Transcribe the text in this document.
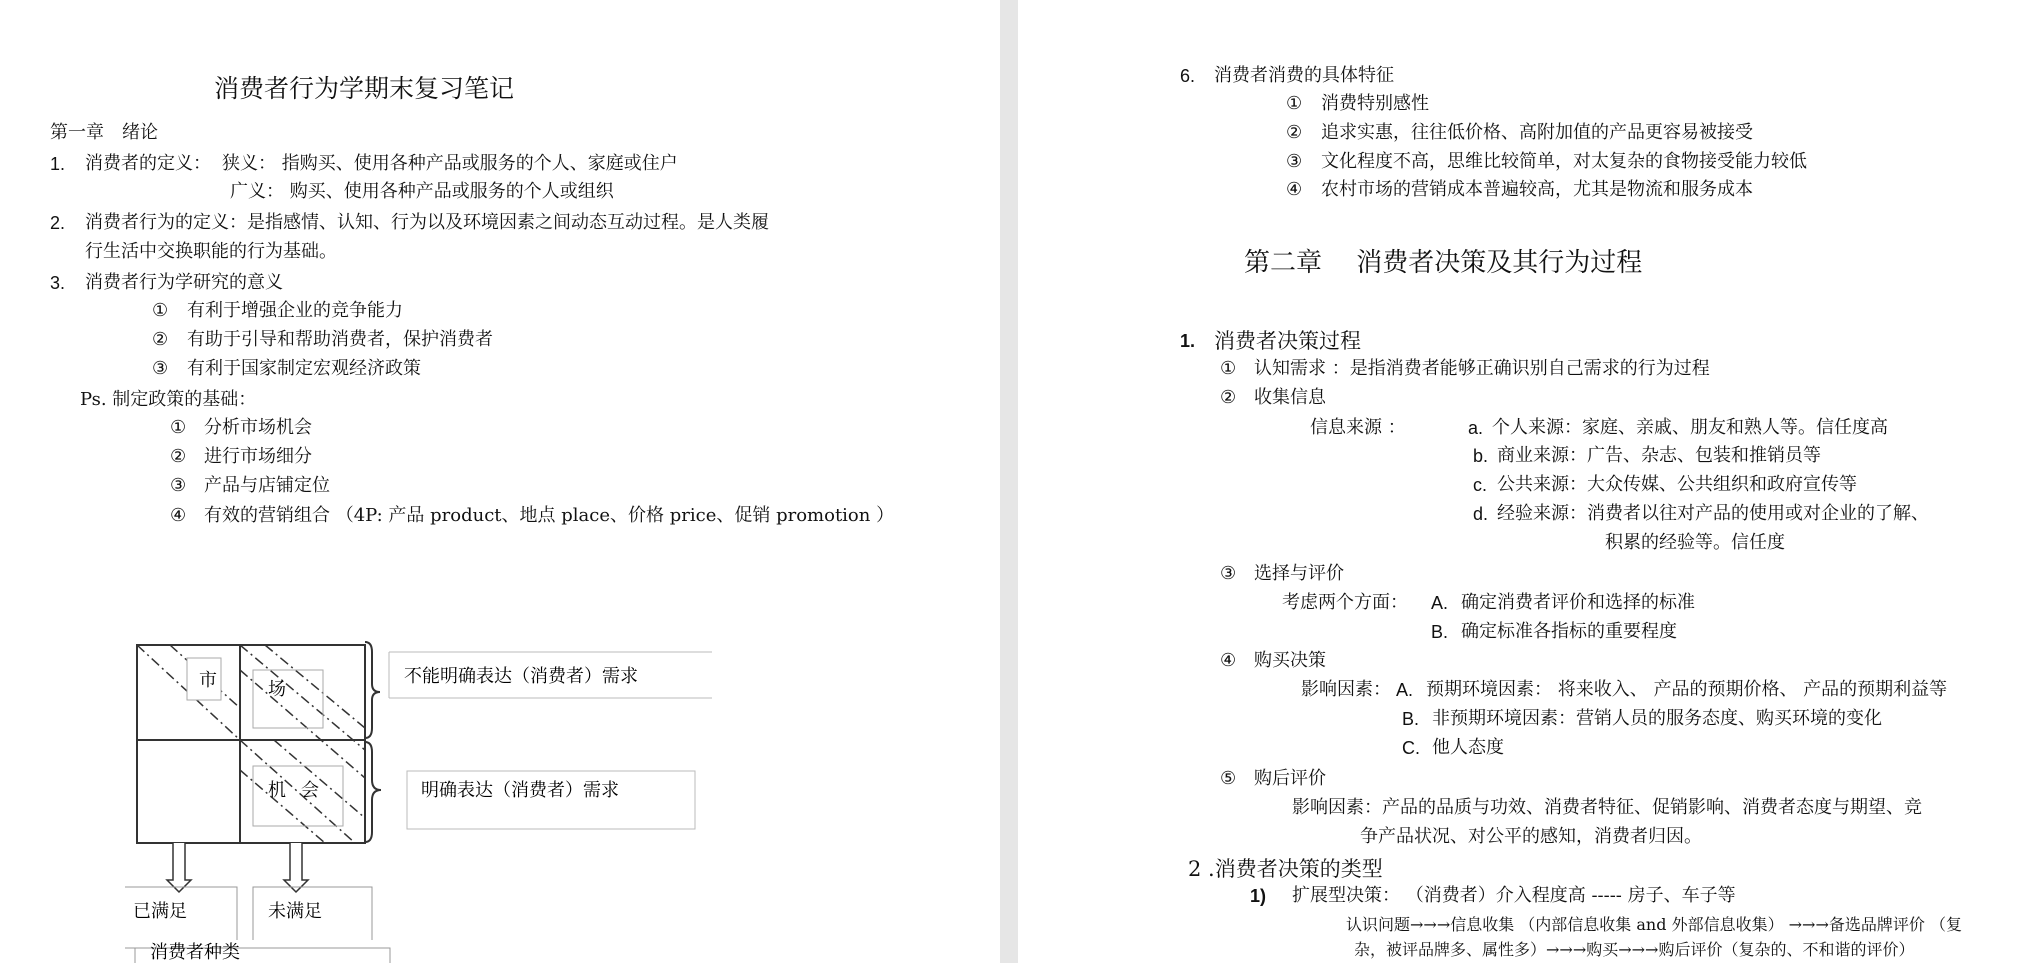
消费者行为学期末复习笔记
第一章　绪论
1. 消费者的定义： 狭义： 指购买、使用各种产品或服务的个人、家庭或住户
广义： 购买、使用各种产品或服务的个人或组织
2. 消费者行为的定义：是指感情、认知、行为以及环境因素之间动态互动过程。是人类履
行生活中交换职能的行为基础。
3. 消费者行为学研究的意义
① 有利于增强企业的竞争能力
② 有助于引导和帮助消费者，保护消费者
③ 有利于国家制定宏观经济政策
Ps. 制定政策的基础：
① 分析市场机会
② 进行市场细分
③ 产品与店铺定位
④ 有效的营销组合 （4P: 产品 product、地点 place、价格 price、促销 promotion ）
市	场
机 会
不能明确表达（消费者）需求
明确表达（消费者）需求
已满足	未满足
消费者种类
6. 消费者消费的具体特征
① 消费特别感性
② 追求实惠，往往低价格、高附加值的产品更容易被接受
③ 文化程度不高，思维比较简单，对太复杂的食物接受能力较低
④ 农村市场的营销成本普遍较高，尤其是物流和服务成本
第二章　 消费者决策及其行为过程
1. 消费者决策过程
① 认知需求 ：是指消费者能够正确识别自己需求的行为过程
② 收集信息
信息来源 ：	a. 个人来源：家庭、亲戚、朋友和熟人等。信任度高
b. 商业来源：广告、杂志、包装和推销员等
c. 公共来源：大众传媒、公共组织和政府宣传等
d. 经验来源：消费者以往对产品的使用或对企业的了解、
积累的经验等。信任度
③ 选择与评价
考虑两个方面： A. 确定消费者评价和选择的标准
B. 确定标准各指标的重要程度
④ 购买决策
影响因素： A. 预期环境因素： 将来收入、 产品的预期价格、 产品的预期利益等
B. 非预期环境因素：营销人员的服务态度、购买环境的变化
C. 他人态度
⑤ 购后评价
影响因素：产品的品质与功效、消费者特征、促销影响、消费者态度与期望、竞
争产品状况、对公平的感知，消费者归因。
2 .消费者决策的类型
1) 扩展型决策： （消费者）介入程度高 ----- 房子、车子等
认识问题→→→信息收集 （内部信息收集 and 外部信息收集） →→→备选品牌评价 （复
杂，被评品牌多、属性多）→→→购买→→→购后评价（复杂的、不和谐的评价）
